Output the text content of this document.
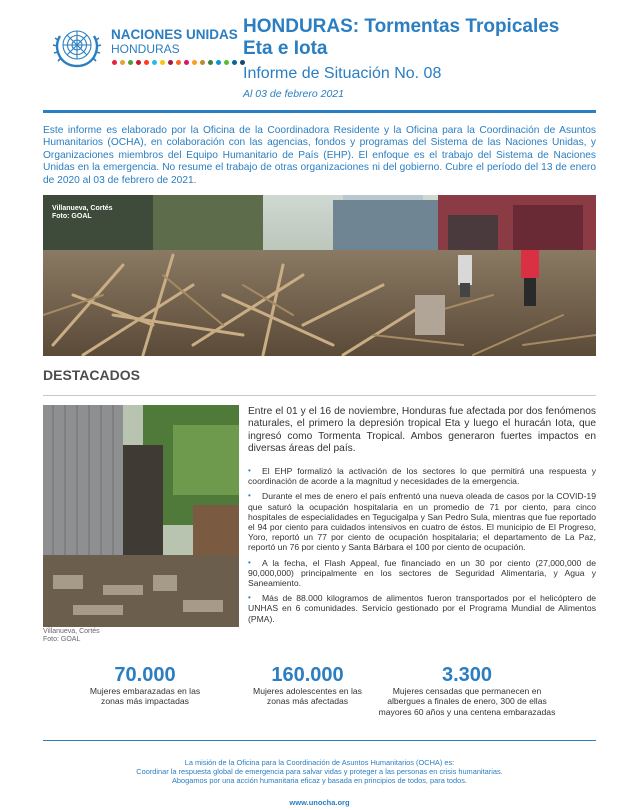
NACIONES UNIDAS
HONDURAS
HONDURAS: Tormentas Tropicales
Eta e Iota
Informe de Situación No. 08
Al 03 de febrero 2021

Este informe es elaborado por la Oficina de la Coordinadora Residente y la Oficina para la Coordinación de Asuntos Humanitarios (OCHA), en colaboración con las agencias, fondos y programas del Sistema de las Naciones Unidas, y Organizaciones miembros del Equipo Humanitario de País (EHP). El enfoque es el trabajo del Sistema de Naciones Unidas en la emergencia. No resume el trabajo de otras organizaciones ni del gobierno. Cubre el período del 13 de enero de 2020 al 03 de febrero de 2021.

Villanueva, Cortés
Foto: GOAL
DESTACADOS
Villanueva, Cortés
Foto: GOAL

Entre el 01 y el 16 de noviembre, Honduras fue afectada por dos fenómenos naturales, el primero la depresión tropical Eta y luego el huracán Iota, que ingresó como Tormenta Tropical. Ambos generaron fuertes impactos en diversas áreas del país.

• El EHP formalizó la activación de los sectores lo que permitirá una respuesta y coordinación de acorde a la magnitud y necesidades de la emergencia.
• Durante el mes de enero el país enfrentó una nueva oleada de casos por la COVID-19 que saturó la ocupación hospitalaria en un promedio de 71 por ciento, para cinco hospitales de especialidades en Tegucigalpa y San Pedro Sula, mientras que fue reportado el 94 por ciento para cuidados intensivos en cuatro de éstos. El municipio de El Progreso, Yoro, reportó un 77 por ciento de ocupación hospitalaria; el departamento de La Paz, reportó un 76 por ciento y Santa Bárbara el 100 por ciento de ocupación.
• A la fecha, el Flash Appeal, fue financiado en un 30 por ciento (27,000,000 de 90,000,000) principalmente en los sectores de Seguridad Alimentaria, y Agua y Saneamiento.
• Más de 88.000 kilogramos de alimentos fueron transportados por el helicóptero de UNHAS en 6 comunidades. Servicio gestionado por el Programa Mundial de Alimentos (PMA).
70.000
Mujeres embarazadas en las
zonas más impactadas
160.000
Mujeres adolescentes en las
zonas más afectadas
3.300
Mujeres censadas que permanecen en
albergues a finales de enero, 300 de ellas
mayores 60 años y una centena embarazadas
La misión de la Oficina para la Coordinación de Asuntos Humanitarios (OCHA) es:
Coordinar la respuesta global de emergencia para salvar vidas y proteger a las personas en crisis humanitarias.
Abogamos por una acción humanitaria eficaz y basada en principios de todos, para todos.
www.unocha.org
